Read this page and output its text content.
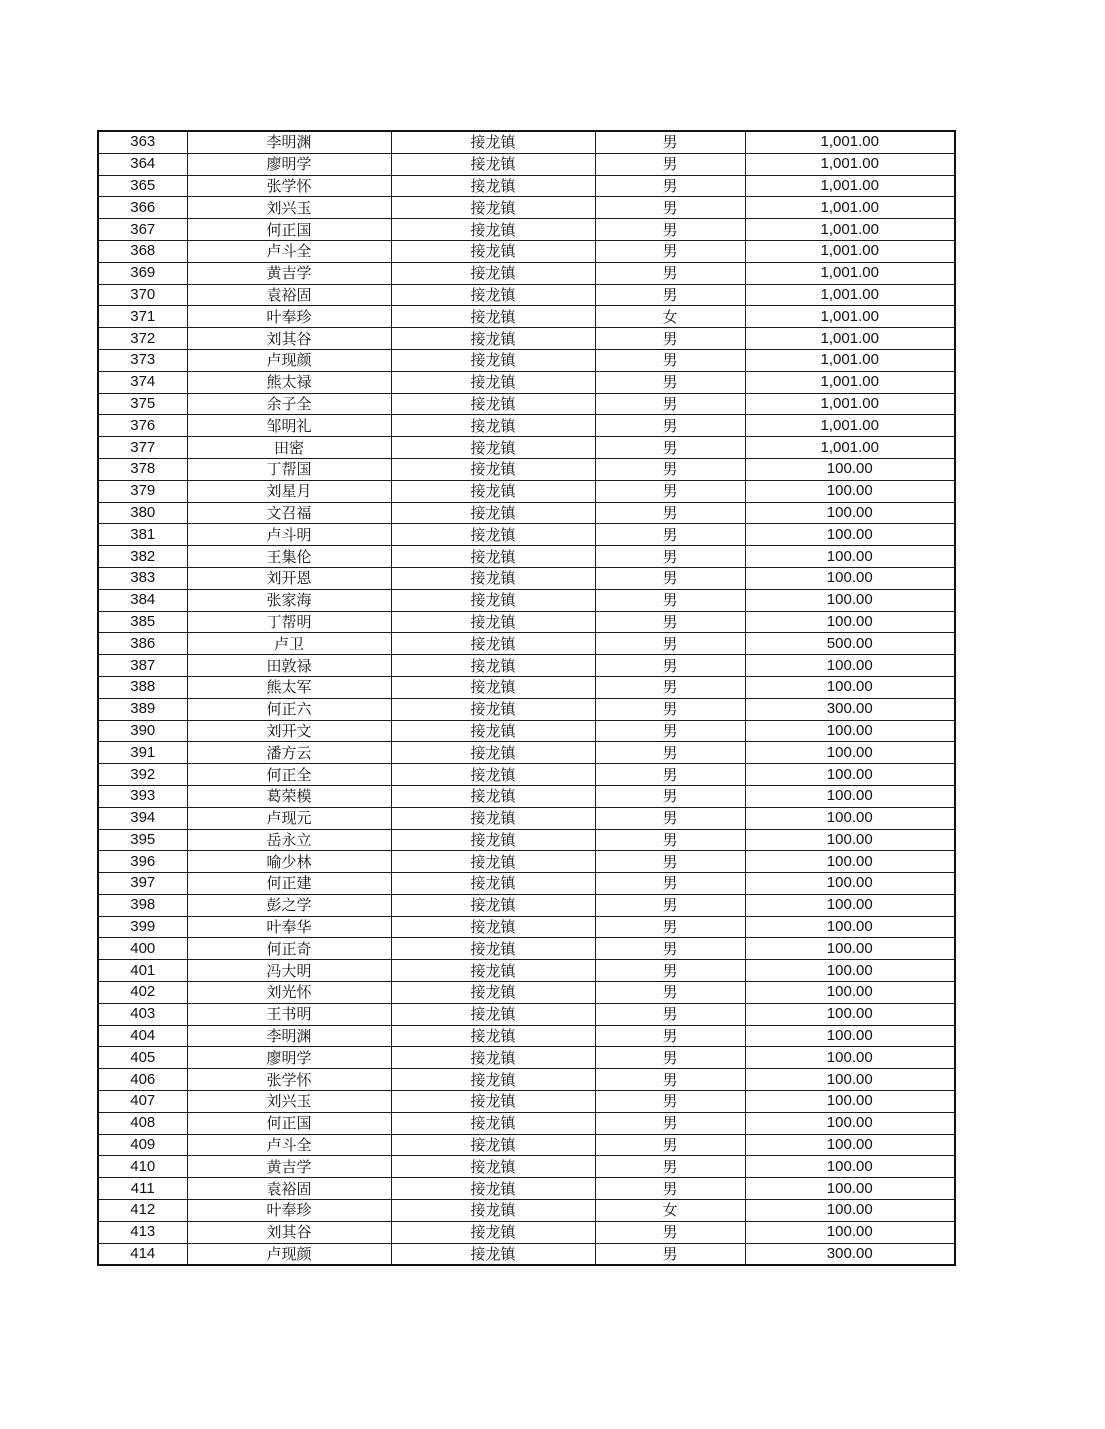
363	李明渊	接龙镇	男	1,001.00
364	廖明学	接龙镇	男	1,001.00
365	张学怀	接龙镇	男	1,001.00
366	刘兴玉	接龙镇	男	1,001.00
367	何正国	接龙镇	男	1,001.00
368	卢斗全	接龙镇	男	1,001.00
369	黄吉学	接龙镇	男	1,001.00
370	袁裕固	接龙镇	男	1,001.00
371	叶奉珍	接龙镇	女	1,001.00
372	刘其谷	接龙镇	男	1,001.00
373	卢现颜	接龙镇	男	1,001.00
374	熊太禄	接龙镇	男	1,001.00
375	余子全	接龙镇	男	1,001.00
376	邹明礼	接龙镇	男	1,001.00
377	田密	接龙镇	男	1,001.00
378	丁帮国	接龙镇	男	100.00
379	刘星月	接龙镇	男	100.00
380	文召福	接龙镇	男	100.00
381	卢斗明	接龙镇	男	100.00
382	王集伦	接龙镇	男	100.00
383	刘开恩	接龙镇	男	100.00
384	张家海	接龙镇	男	100.00
385	丁帮明	接龙镇	男	100.00
386	卢卫	接龙镇	男	500.00
387	田敦禄	接龙镇	男	100.00
388	熊太军	接龙镇	男	100.00
389	何正六	接龙镇	男	300.00
390	刘开文	接龙镇	男	100.00
391	潘方云	接龙镇	男	100.00
392	何正全	接龙镇	男	100.00
393	葛荣模	接龙镇	男	100.00
394	卢现元	接龙镇	男	100.00
395	岳永立	接龙镇	男	100.00
396	喻少林	接龙镇	男	100.00
397	何正建	接龙镇	男	100.00
398	彭之学	接龙镇	男	100.00
399	叶奉华	接龙镇	男	100.00
400	何正奇	接龙镇	男	100.00
401	冯大明	接龙镇	男	100.00
402	刘光怀	接龙镇	男	100.00
403	王书明	接龙镇	男	100.00
404	李明渊	接龙镇	男	100.00
405	廖明学	接龙镇	男	100.00
406	张学怀	接龙镇	男	100.00
407	刘兴玉	接龙镇	男	100.00
408	何正国	接龙镇	男	100.00
409	卢斗全	接龙镇	男	100.00
410	黄吉学	接龙镇	男	100.00
411	袁裕固	接龙镇	男	100.00
412	叶奉珍	接龙镇	女	100.00
413	刘其谷	接龙镇	男	100.00
414	卢现颜	接龙镇	男	300.00
